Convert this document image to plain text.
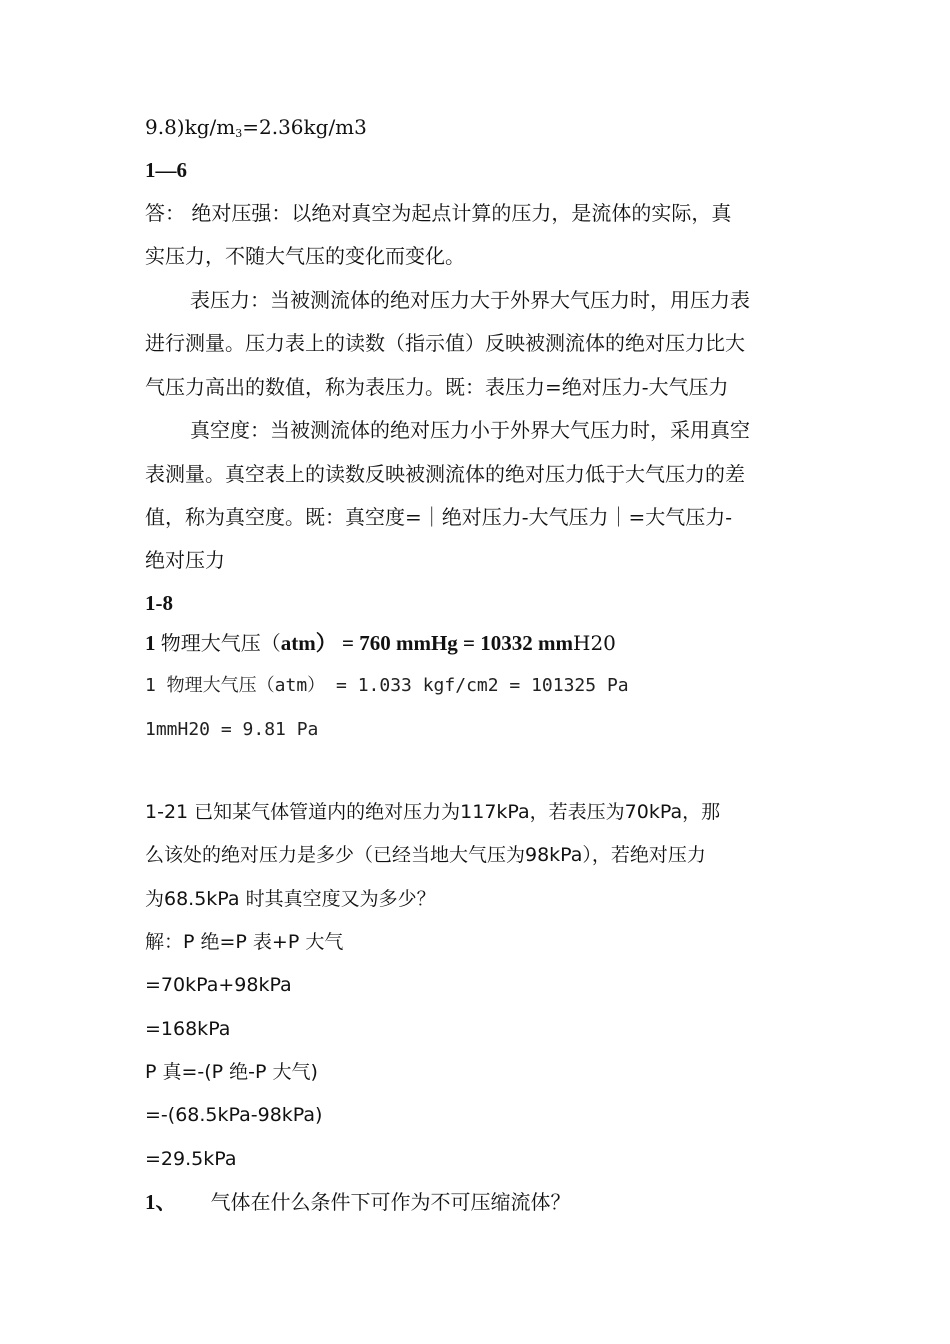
$9.8)kg/m_3=2.36kg/m3$
1—6
答： 绝对压强：以绝对真空为起点计算的压力，是流体的实际，真
实压力，不随大气压的变化而变化。
表压力：当被测流体的绝对压力大于外界大气压力时，用压力表
进行测量。压力表上的读数（指示值）反映被测流体的绝对压力比大
气压力高出的数值，称为表压力。既：表压力=绝对压力-大气压力
真空度：当被测流体的绝对压力小于外界大气压力时，采用真空
表测量。真空表上的读数反映被测流体的绝对压力低于大气压力的差
值，称为真空度。既：真空度=｜绝对压力-大气压力｜=大气压力-
绝对压力
1-8
1 物理大气压（atm） = 760 mmHg = 10332 mmH20
1 物理大气压（atm） = 1.033 kgf/cm2 = 101325 Pa
1mmH20 = 9.81 Pa
1-21 已知某气体管道内的绝对压力为117kPa，若表压为70kPa，那
么该处的绝对压力是多少（已经当地大气压为98kPa），若绝对压力
为68.5kPa 时其真空度又为多少？
解：P 绝=P 表+P 大气
=70kPa+98kPa
=168kPa
P 真=-(P 绝-P 大气)
=-(68.5kPa-98kPa)
=29.5kPa
1、 气体在什么条件下可作为不可压缩流体？
